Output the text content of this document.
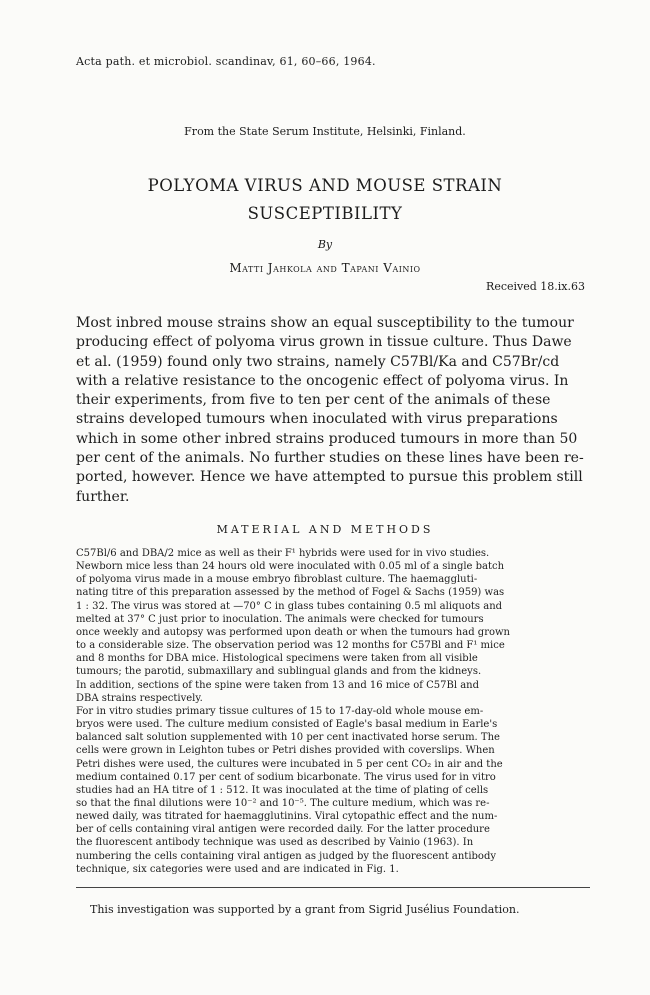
Acta path. et microbiol. scandinav, 61, 60–66, 1964.
From the State Serum Institute, Helsinki, Finland.
POLYOMA VIRUS AND MOUSE STRAIN
SUSCEPTIBILITY
By
Matti Jahkola and Tapani Vainio
Received 18.ix.63
Most inbred mouse strains show an equal susceptibility to the tumour
producing effect of polyoma virus grown in tissue culture. Thus Dawe
et al. (1959) found only two strains, namely C57Bl/Ka and C57Br/cd
with a relative resistance to the oncogenic effect of polyoma virus. In
their experiments, from five to ten per cent of the animals of these
strains developed tumours when inoculated with virus preparations
which in some other inbred strains produced tumours in more than 50
per cent of the animals. No further studies on these lines have been re-
ported, however. Hence we have attempted to pursue this problem still
further.
MATERIAL AND METHODS
C57Bl/6 and DBA/2 mice as well as their F¹ hybrids were used for in vivo studies.
Newborn mice less than 24 hours old were inoculated with 0.05 ml of a single batch
of polyoma virus made in a mouse embryo fibroblast culture. The haemaggluti-
nating titre of this preparation assessed by the method of Fogel & Sachs (1959) was
1 : 32. The virus was stored at —70° C in glass tubes containing 0.5 ml aliquots and
melted at 37° C just prior to inoculation. The animals were checked for tumours
once weekly and autopsy was performed upon death or when the tumours had grown
to a considerable size. The observation period was 12 months for C57Bl and F¹ mice
and 8 months for DBA mice. Histological specimens were taken from all visible
tumours; the parotid, submaxillary and sublingual glands and from the kidneys.
In addition, sections of the spine were taken from 13 and 16 mice of C57Bl and
DBA strains respectively.
For in vitro studies primary tissue cultures of 15 to 17-day-old whole mouse em-
bryos were used. The culture medium consisted of Eagle's basal medium in Earle's
balanced salt solution supplemented with 10 per cent inactivated horse serum. The
cells were grown in Leighton tubes or Petri dishes provided with coverslips. When
Petri dishes were used, the cultures were incubated in 5 per cent CO₂ in air and the
medium contained 0.17 per cent of sodium bicarbonate. The virus used for in vitro
studies had an HA titre of 1 : 512. It was inoculated at the time of plating of cells
so that the final dilutions were 10⁻² and 10⁻⁵. The culture medium, which was re-
newed daily, was titrated for haemagglutinins. Viral cytopathic effect and the num-
ber of cells containing viral antigen were recorded daily. For the latter procedure
the fluorescent antibody technique was used as described by Vainio (1963). In
numbering the cells containing viral antigen as judged by the fluorescent antibody
technique, six categories were used and are indicated in Fig. 1.
This investigation was supported by a grant from Sigrid Jusélius Foundation.
